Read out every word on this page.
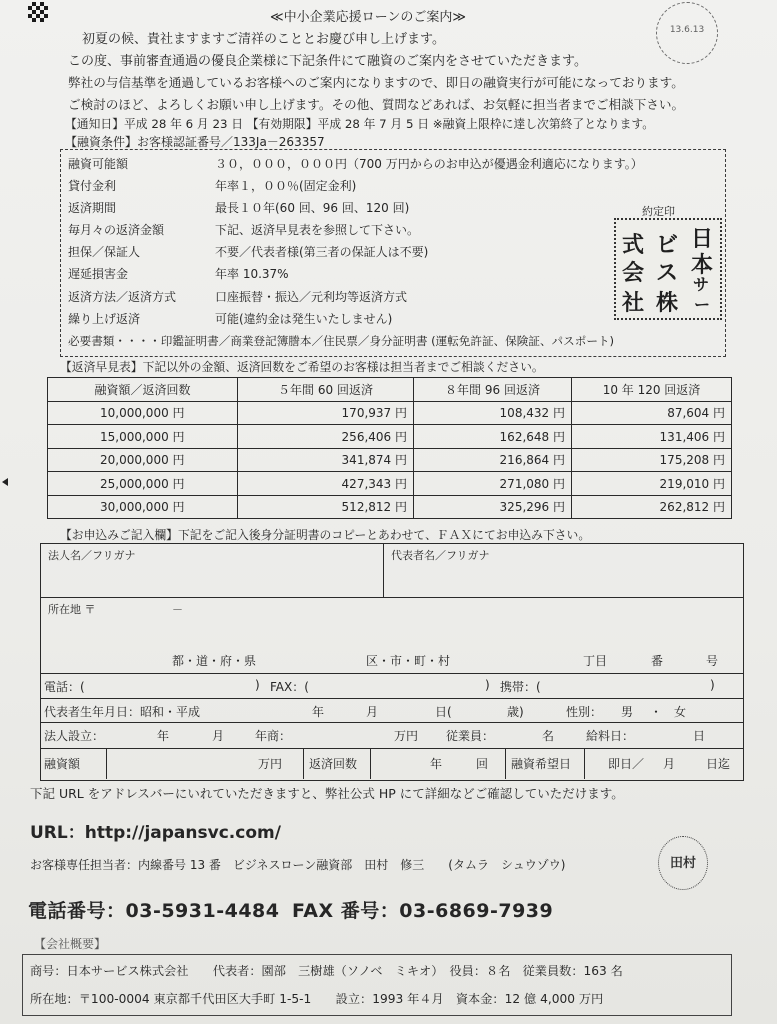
13.6.13
≪中小企業応援ローンのご案内≫
初夏の候、貴社ますますご清祥のこととお慶び申し上げます。
この度、事前審査通過の優良企業様に下記条件にて融資のご案内をさせていただきます。
弊社の与信基準を通過しているお客様へのご案内になりますので、即日の融資実行が可能になっております。
ご検討のほど、よろしくお願い申し上げます。その他、質問などあれば、お気軽に担当者までご相談下さい。
【通知日】平成 28 年 6 月 23 日 【有効期限】平成 28 年 7 月 5 日 ※融資上限枠に達し次第終了となります。
【融資条件】お客様認証番号／133Ja－263357
融資可能額	３０，０００，０００円（700 万円からのお申込が優遇金利適応になります。）
貸付金利	年率１，００％(固定金利)
返済期間	最長１０年(60 回、96 回、120 回)
毎月々の返済金額	下記、返済早見表を参照して下さい。
担保／保証人	不要／代表者様(第三者の保証人は不要)
遅延損害金	年率 10.37%
返済方法／返済方式	口座振替・振込／元利均等返済方式
繰り上げ返済	可能(違約金は発生いたしません)
必要書類・・・・印鑑証明書／商業登記簿謄本／住民票／身分証明書 (運転免許証、保険証、パスポート)
約定印
日
本
サ
ー
ビ
ス
株
式
会
社
【返済早見表】下記以外の金額、返済回数をご希望のお客様は担当者までご相談ください。
融資額／返済回数	５年間 60 回返済	８年間 96 回返済	10 年 120 回返済
10,000,000 円	170,937 円	108,432 円	87,604 円
15,000,000 円	256,406 円	162,648 円	131,406 円
20,000,000 円	341,874 円	216,864 円	175,208 円
25,000,000 円	427,343 円	271,080 円	219,010 円
30,000,000 円	512,812 円	325,296 円	262,812 円
【お申込みご記入欄】下記をご記入後身分証明書のコピーとあわせて、ＦＡＸにてお申込み下さい。
法人名／フリガナ	代表者名／フリガナ
所在地 〒	－
都・道・府・県	区・市・町・村	丁目	番	号
電話：(	) FAX：(	) 携帯：(	)
代表者生年月日：昭和・平成	年	月	日(	歳)	性別： 男 ・ 女
法人設立：	年	月	年商：	万円 従業員：	名	給料日：	日
融資額	万円 返済回数	年	回 融資希望日	即日／ 月	日迄
下記 URL をアドレスバーにいれていただきますと、弊社公式 HP にて詳細などご確認していただけます。
URL：http://japansvc.com/
お客様専任担当者：内線番号 13 番　ビジネスローン融資部　田村　修三　　(タムラ　シュウゾウ)	田村
電話番号：03-5931-4484 FAX 番号：03-6869-7939
【会社概要】
商号：日本サービス株式会社　　代表者：園部　三樹雄（ソノベ　ミキオ）　役員：８名　従業員数：163 名
所在地：〒100-0004 東京都千代田区大手町 1-5-1　　設立：1993 年４月　資本金：12 億 4,000 万円
